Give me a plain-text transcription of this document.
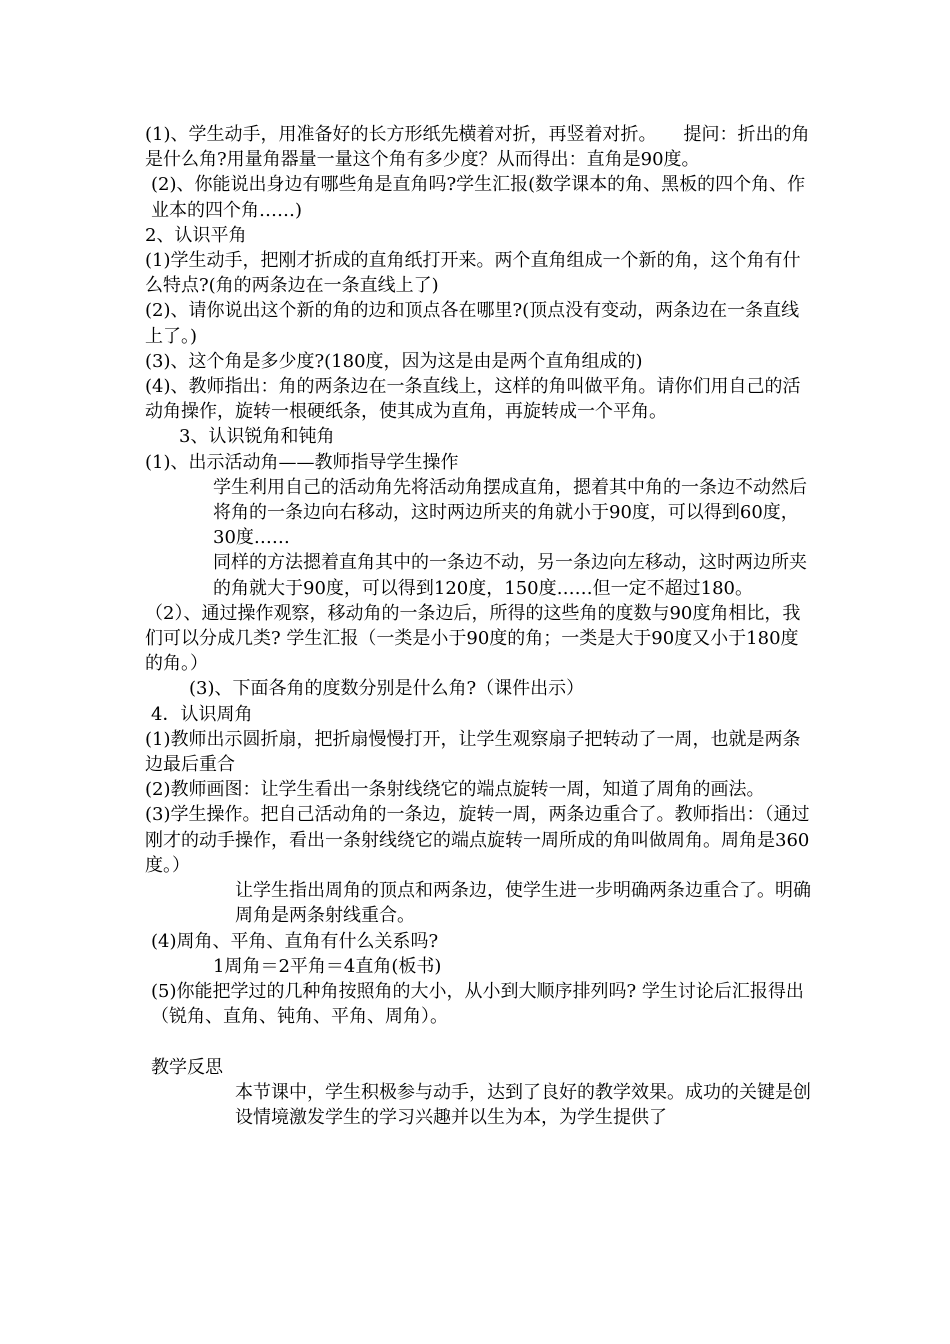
(1)、学生动手，用准备好的长方形纸先横着对折，再竖着对折。　　提问：折出的角是什么角?用量角器量一量这个角有多少度？从而得出：直角是90度。

(2)、你能说出身边有哪些角是直角吗?学生汇报(数学课本的角、黑板的四个角、作业本的四个角……)

2、认识平角

(1)学生动手，把刚才折成的直角纸打开来。两个直角组成一个新的角，这个角有什么特点?(角的两条边在一条直线上了)

(2)、请你说出这个新的角的边和顶点各在哪里?(顶点没有变动，两条边在一条直线上了。)

(3)、这个角是多少度?(180度，因为这是由是两个直角组成的)

(4)、教师指出：角的两条边在一条直线上，这样的角叫做平角。请你们用自己的活动角操作，旋转一根硬纸条，使其成为直角，再旋转成一个平角。

3、认识锐角和钝角

(1)、出示活动角——教师指导学生操作

学生利用自己的活动角先将活动角摆成直角，摁着其中角的一条边不动然后将角的一条边向右移动，这时两边所夹的角就小于90度，可以得到60度，30度……

同样的方法摁着直角其中的一条边不动，另一条边向左移动，这时两边所夹的角就大于90度，可以得到120度，150度……但一定不超过180。

（2）、通过操作观察，移动角的一条边后，所得的这些角的度数与90度角相比，我们可以分成几类? 学生汇报（一类是小于90度的角；一类是大于90度又小于180度的角。）

(3)、下面各角的度数分别是什么角?（课件出示）

4．认识周角

(1)教师出示圆折扇，把折扇慢慢打开，让学生观察扇子把转动了一周，也就是两条边最后重合

(2)教师画图：让学生看出一条射线绕它的端点旋转一周，知道了周角的画法。

(3)学生操作。把自己活动角的一条边，旋转一周，两条边重合了。教师指出：（通过刚才的动手操作，看出一条射线绕它的端点旋转一周所成的角叫做周角。周角是360度。）

让学生指出周角的顶点和两条边，使学生进一步明确两条边重合了。明确周角是两条射线重合。

(4)周角、平角、直角有什么关系吗?

1周角＝2平角＝4直角(板书)

(5)你能把学过的几种角按照角的大小，从小到大顺序排列吗? 学生讨论后汇报得出（锐角、直角、钝角、平角、周角）。

教学反思

本节课中，学生积极参与动手，达到了良好的教学效果。成功的关键是创设情境激发学生的学习兴趣并以生为本，为学生提供了
